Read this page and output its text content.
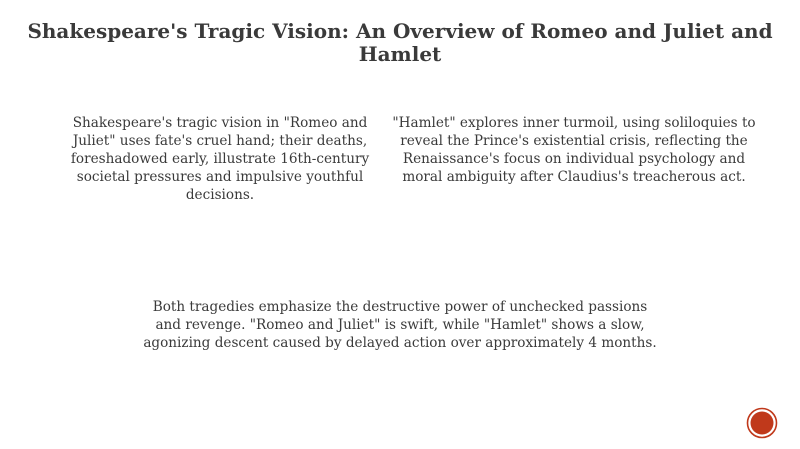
Shakespeare's Tragic Vision: An Overview of Romeo and Juliet and Hamlet

Shakespeare's tragic vision in "Romeo and Juliet" uses fate's cruel hand; their deaths, foreshadowed early, illustrate 16th-century societal pressures and impulsive youthful decisions.

"Hamlet" explores inner turmoil, using soliloquies to reveal the Prince's existential crisis, reflecting the Renaissance's focus on individual psychology and moral ambiguity after Claudius's treacherous act.

Both tragedies emphasize the destructive power of unchecked passions and revenge. "Romeo and Juliet" is swift, while "Hamlet" shows a slow, agonizing descent caused by delayed action over approximately 4 months.
